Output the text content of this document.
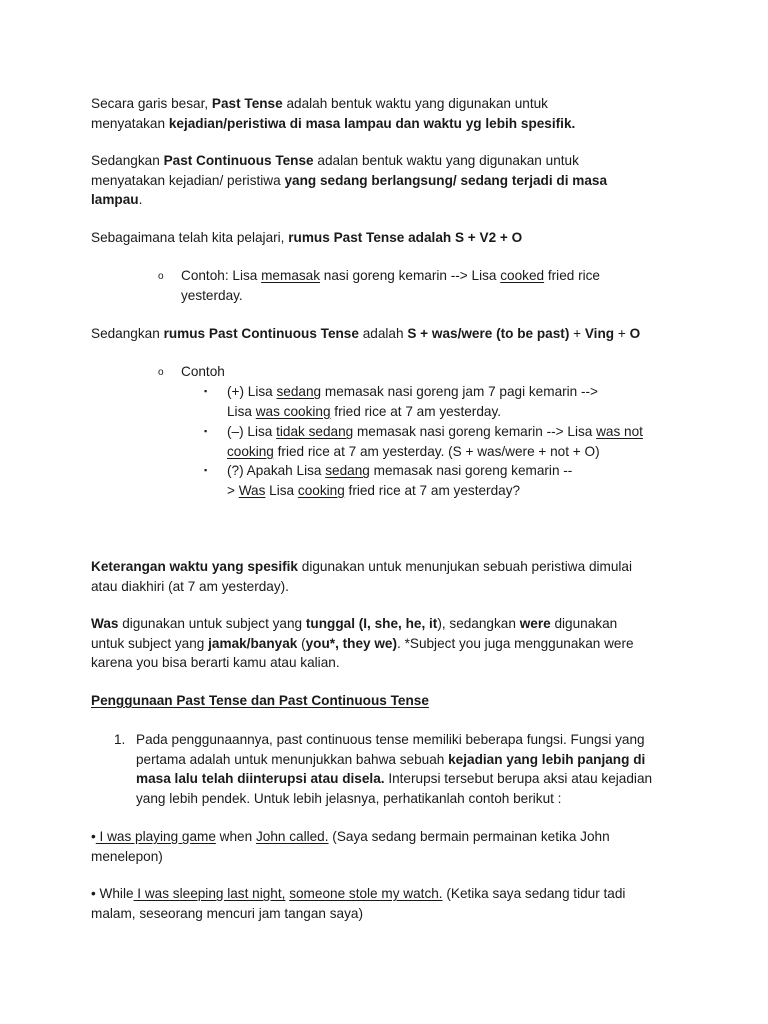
Secara garis besar, Past Tense adalah bentuk waktu yang digunakan untuk
menyatakan kejadian/peristiwa di masa lampau dan waktu yg lebih spesifik.

Sedangkan Past Continuous Tense adalan bentuk waktu yang digunakan untuk
menyatakan kejadian/ peristiwa yang sedang berlangsung/ sedang terjadi di masa
lampau.

Sebagaimana telah kita pelajari, rumus Past Tense adalah S + V2 + O

o Contoh: Lisa memasak nasi goreng kemarin --> Lisa cooked fried rice
yesterday.

Sedangkan rumus Past Continuous Tense adalah S + was/were (to be past) + Ving + O

o Contoh

▪ (+) Lisa sedang memasak nasi goreng jam 7 pagi kemarin -->
Lisa was cooking fried rice at 7 am yesterday.

▪ (–) Lisa tidak sedang memasak nasi goreng kemarin --> Lisa was not
cooking fried rice at 7 am yesterday. (S + was/were + not + O)

▪ (?) Apakah Lisa sedang memasak nasi goreng kemarin --
> Was Lisa cooking fried rice at 7 am yesterday?

Keterangan waktu yang spesifik digunakan untuk menunjukan sebuah peristiwa dimulai
atau diakhiri (at 7 am yesterday).

Was digunakan untuk subject yang tunggal (I, she, he, it), sedangkan were digunakan
untuk subject yang jamak/banyak (you*, they we). *Subject you juga menggunakan were
karena you bisa berarti kamu atau kalian.

Penggunaan Past Tense dan Past Continuous Tense

1. Pada penggunaannya, past continuous tense memiliki beberapa fungsi. Fungsi yang
pertama adalah untuk menunjukkan bahwa sebuah kejadian yang lebih panjang di
masa lalu telah diinterupsi atau disela. Interupsi tersebut berupa aksi atau kejadian
yang lebih pendek. Untuk lebih jelasnya, perhatikanlah contoh berikut :

• I was playing game when John called. (Saya sedang bermain permainan ketika John
menelepon)

• While I was sleeping last night, someone stole my watch. (Ketika saya sedang tidur tadi
malam, seseorang mencuri jam tangan saya)
